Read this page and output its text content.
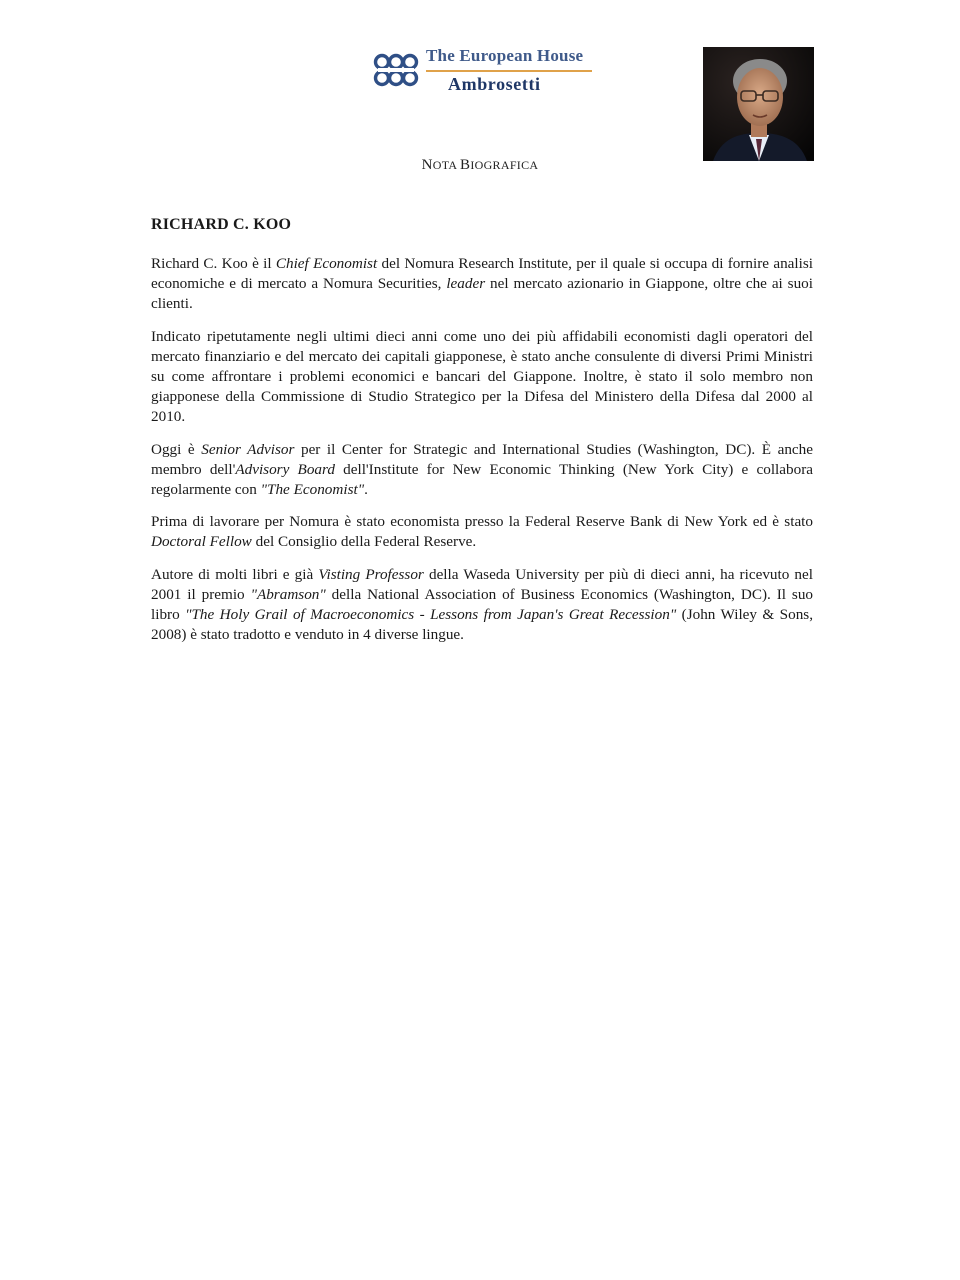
The European House
Ambrosetti
NOTA BIOGRAFICA
RICHARD C. KOO

Richard C. Koo è il Chief Economist del Nomura Research Institute, per il quale si occupa di fornire analisi economiche e di mercato a Nomura Securities, leader nel mercato azionario in Giappone, oltre che ai suoi clienti.

Indicato ripetutamente negli ultimi dieci anni come uno dei più affidabili economisti dagli operatori del mercato finanziario e del mercato dei capitali giapponese, è stato anche consulente di diversi Primi Ministri su come affrontare i problemi economici e bancari del Giappone. Inoltre, è stato il solo membro non giapponese della Commissione di Studio Strategico per la Difesa del Ministero della Difesa dal 2000 al 2010.

Oggi è Senior Advisor per il Center for Strategic and International Studies (Washington, DC). È anche membro dell'Advisory Board dell'Institute for New Economic Thinking (New York City) e collabora regolarmente con "The Economist".

Prima di lavorare per Nomura è stato economista presso la Federal Reserve Bank di New York ed è stato Doctoral Fellow del Consiglio della Federal Reserve.

Autore di molti libri e già Visting Professor della Waseda University per più di dieci anni, ha ricevuto nel 2001 il premio "Abramson" della National Association of Business Economics (Washington, DC). Il suo libro "The Holy Grail of Macroeconomics - Lessons from Japan's Great Recession" (John Wiley & Sons, 2008) è stato tradotto e venduto in 4 diverse lingue.
